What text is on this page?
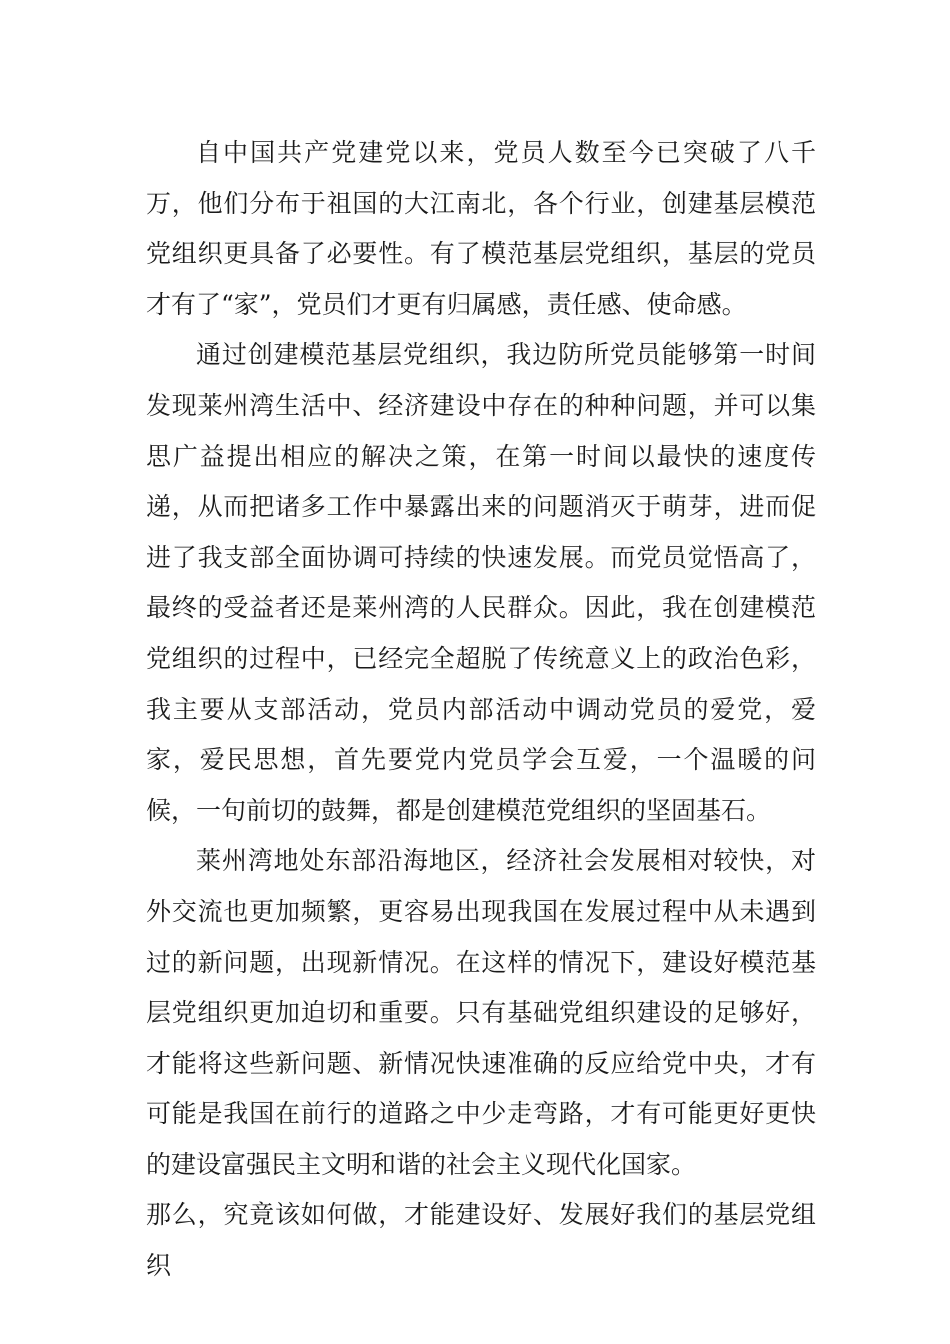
自中国共产党建党以来，党员人数至今已突破了八千万，他们分布于祖国的大江南北，各个行业，创建基层模范党组织更具备了必要性。有了模范基层党组织，基层的党员才有了“家”，党员们才更有归属感，责任感、使命感。

通过创建模范基层党组织，我边防所党员能够第一时间发现莱州湾生活中、经济建设中存在的种种问题，并可以集思广益提出相应的解决之策，在第一时间以最快的速度传递，从而把诸多工作中暴露出来的问题消灭于萌芽，进而促进了我支部全面协调可持续的快速发展。而党员觉悟高了，最终的受益者还是莱州湾的人民群众。因此，我在创建模范党组织的过程中，已经完全超脱了传统意义上的政治色彩，我主要从支部活动，党员内部活动中调动党员的爱党，爱家，爱民思想，首先要党内党员学会互爱，一个温暖的问候，一句前切的鼓舞，都是创建模范党组织的坚固基石。

莱州湾地处东部沿海地区，经济社会发展相对较快，对外交流也更加频繁，更容易出现我国在发展过程中从未遇到过的新问题，出现新情况。在这样的情况下，建设好模范基层党组织更加迫切和重要。只有基础党组织建设的足够好，才能将这些新问题、新情况快速准确的反应给党中央，才有可能是我国在前行的道路之中少走弯路，才有可能更好更快的建设富强民主文明和谐的社会主义现代化国家。

那么，究竟该如何做，才能建设好、发展好我们的基层党组织
